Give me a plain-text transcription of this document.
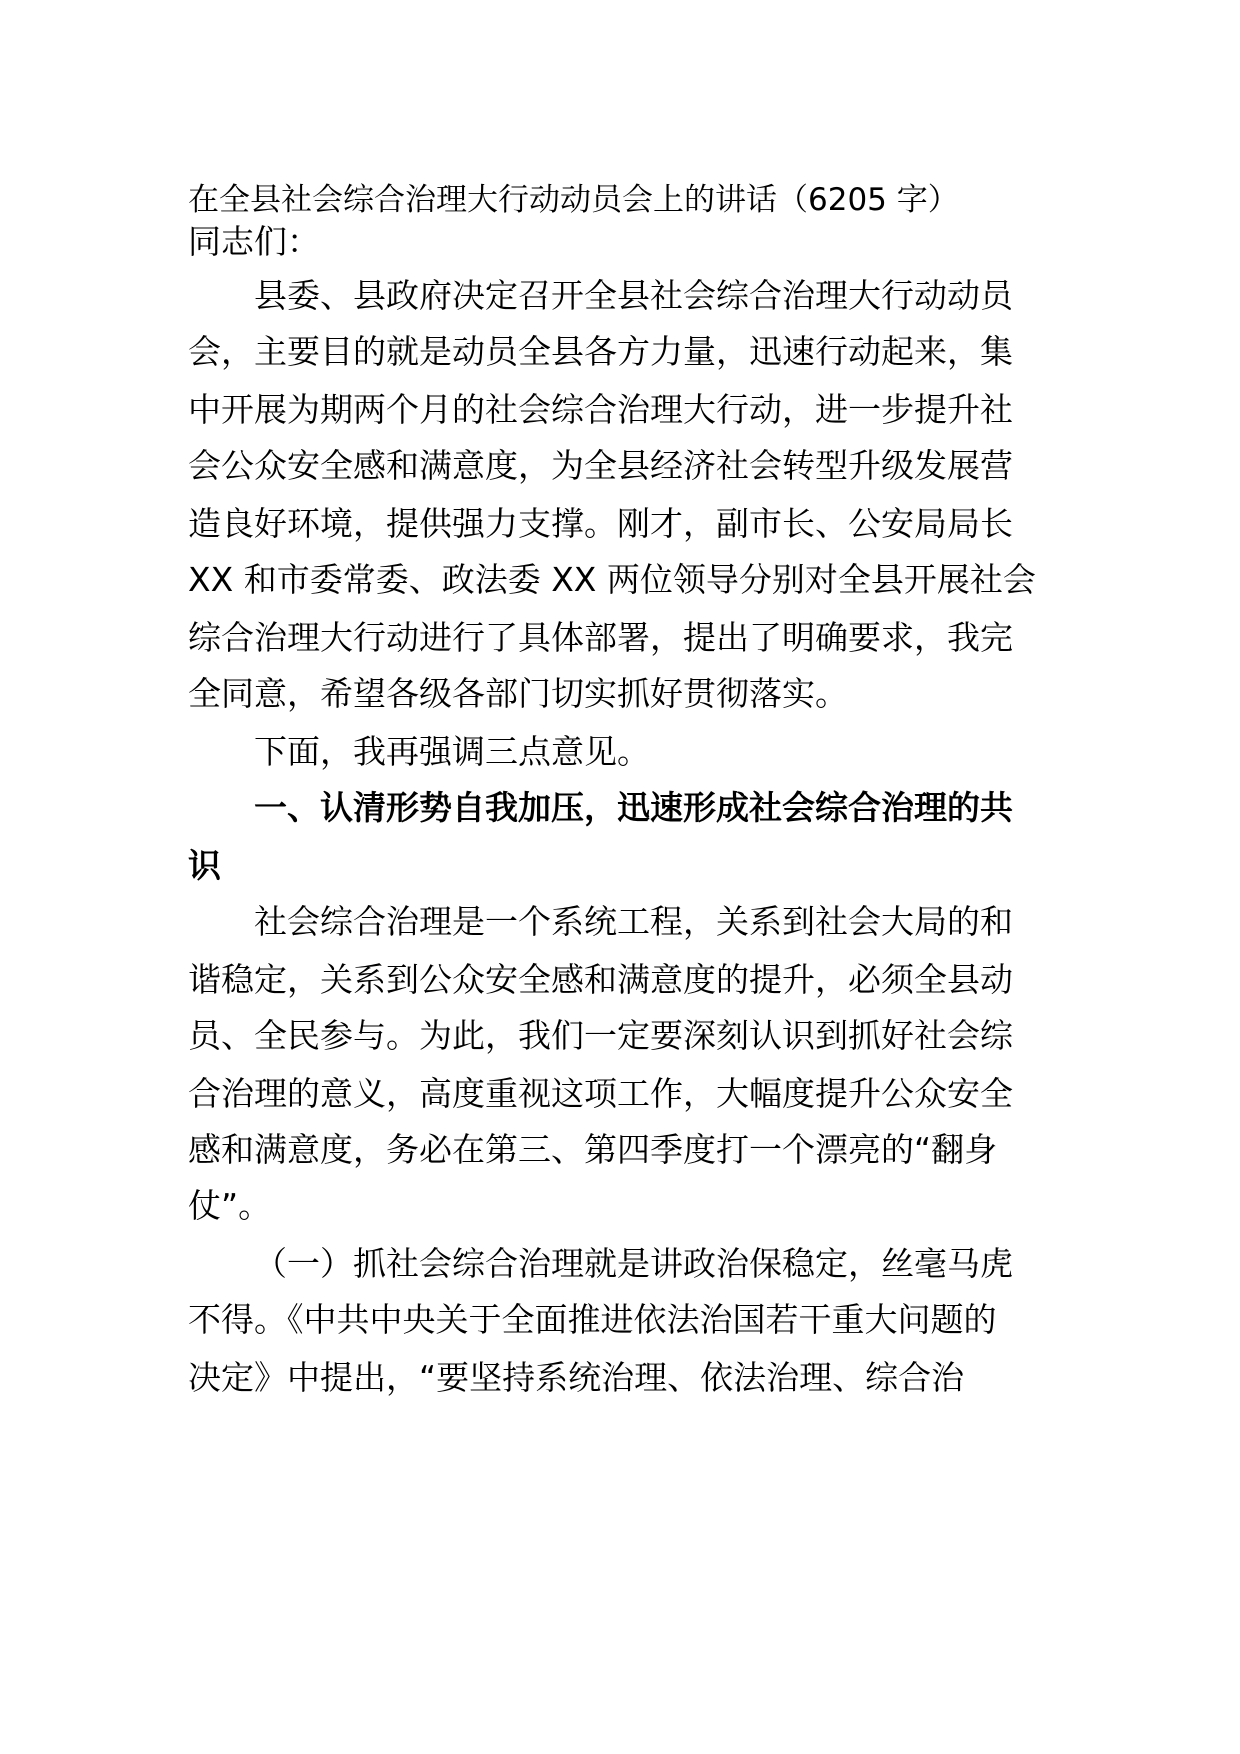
在全县社会综合治理大行动动员会上的讲话（6205 字）
同志们：
县委、县政府决定召开全县社会综合治理大行动动员
会，主要目的就是动员全县各方力量，迅速行动起来，集
中开展为期两个月的社会综合治理大行动，进一步提升社
会公众安全感和满意度，为全县经济社会转型升级发展营
造良好环境，提供强力支撑。刚才，副市长、公安局局长
XX 和市委常委、政法委 XX 两位领导分别对全县开展社会
综合治理大行动进行了具体部署，提出了明确要求，我完
全同意，希望各级各部门切实抓好贯彻落实。
下面，我再强调三点意见。
一、认清形势自我加压，迅速形成社会综合治理的共
识
社会综合治理是一个系统工程，关系到社会大局的和
谐稳定，关系到公众安全感和满意度的提升，必须全县动
员、全民参与。为此，我们一定要深刻认识到抓好社会综
合治理的意义，高度重视这项工作，大幅度提升公众安全
感和满意度，务必在第三、第四季度打一个漂亮的“翻身
仗”。
（一）抓社会综合治理就是讲政治保稳定，丝毫马虎
不得。《中共中央关于全面推进依法治国若干重大问题的
决定》中提出，“要坚持系统治理、依法治理、综合治
